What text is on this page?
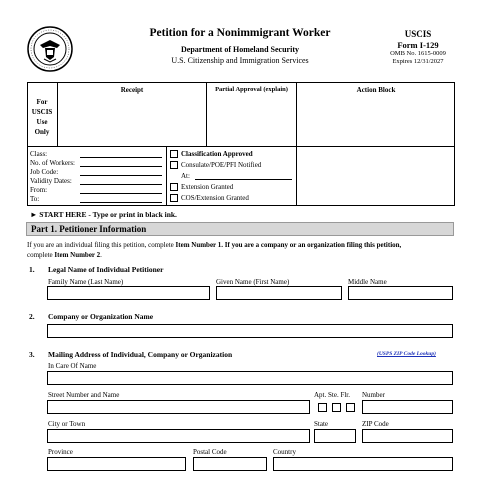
Petition for a Nonimmigrant Worker
Department of Homeland Security
U.S. Citizenship and Immigration Services
USCIS
Form I-129
OMB No. 1615-0009
Expires 12/31/2027
Receipt	Partial Approval (explain)	Action Block
For
USCIS
Use
Only
Class:
No. of Workers:
Job Code:
Validity Dates:
From:
To:
Classification Approved
Consulate/POE/PFI Notified
At:
Extension Granted
COS/Extension Granted
► START HERE - Type or print in black ink.
Part 1. Petitioner Information
If you are an individual filing this petition, complete Item Number 1. If you are a company or an organization filing this petition,
complete Item Number 2.
1. Legal Name of Individual Petitioner
Family Name (Last Name)	Given Name (First Name)	Middle Name
2. Company or Organization Name
3. Mailing Address of Individual, Company or Organization	(USPS ZIP Code Lookup)
In Care Of Name
Street Number and Name	Apt. Ste. Flr. Number
City or Town	State	ZIP Code
Province	Postal Code	Country
